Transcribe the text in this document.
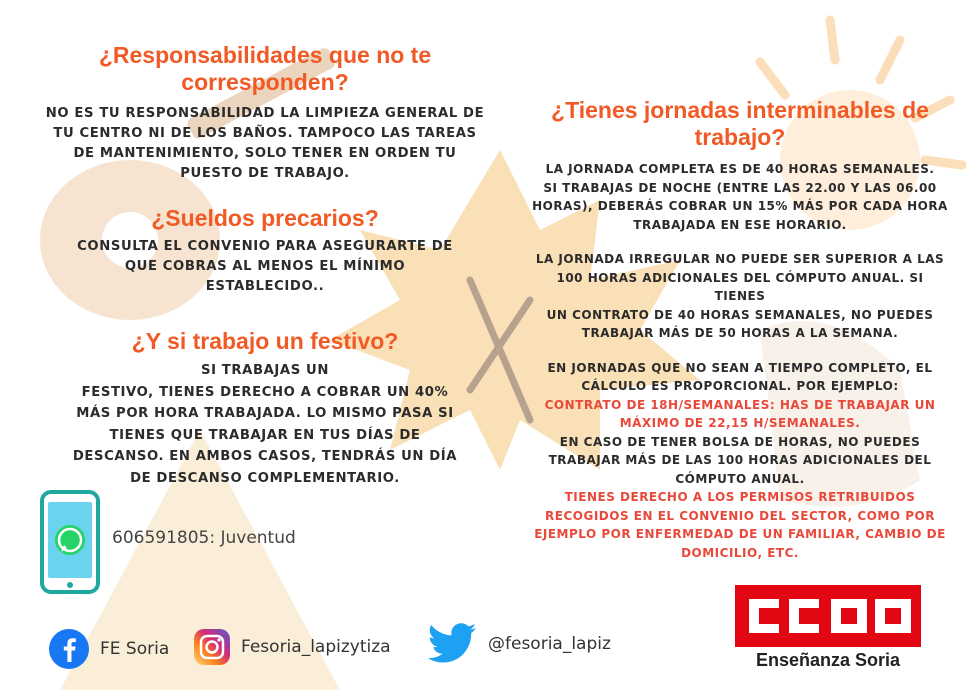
¿Responsabilidades que no te
corresponden?

NO ES TU RESPONSABILIDAD LA LIMPIEZA GENERAL DE
TU CENTRO NI DE LOS BAÑOS. TAMPOCO LAS TAREAS
DE MANTENIMIENTO, SOLO TENER EN ORDEN TU
PUESTO DE TRABAJO.

¿Sueldos precarios?

CONSULTA EL CONVENIO PARA ASEGURARTE DE
QUE COBRAS AL MENOS EL MÍNIMO
ESTABLECIDO..

¿Y si trabajo un festivo?

SI TRABAJAS UN
FESTIVO, TIENES DERECHO A COBRAR UN 40%
MÁS POR HORA TRABAJADA. LO MISMO PASA SI
TIENES QUE TRABAJAR EN TUS DÍAS DE
DESCANSO. EN AMBOS CASOS, TENDRÁS UN DÍA
DE DESCANSO COMPLEMENTARIO.

¿Tienes jornadas interminables de
trabajo?

LA JORNADA COMPLETA ES DE 40 HORAS SEMANALES.
SI TRABAJAS DE NOCHE (ENTRE LAS 22.00 Y LAS 06.00
HORAS), DEBERÁS COBRAR UN 15% MÁS POR CADA HORA
TRABAJADA EN ESE HORARIO.
LA JORNADA IRREGULAR NO PUEDE SER SUPERIOR A LAS
100 HORAS ADICIONALES DEL CÓMPUTO ANUAL. SI
TIENES
UN CONTRATO DE 40 HORAS SEMANALES, NO PUEDES
TRABAJAR MÁS DE 50 HORAS A LA SEMANA.
EN JORNADAS QUE NO SEAN A TIEMPO COMPLETO, EL
CÁLCULO ES PROPORCIONAL. POR EJEMPLO:
CONTRATO DE 18H/SEMANALES: HAS DE TRABAJAR UN
MÁXIMO DE 22,15 H/SEMANALES.
EN CASO DE TENER BOLSA DE HORAS, NO PUEDES
TRABAJAR MÁS DE LAS 100 HORAS ADICIONALES DEL
CÓMPUTO ANUAL.
TIENES DERECHO A LOS PERMISOS RETRIBUIDOS
RECOGIDOS EN EL CONVENIO DEL SECTOR, COMO POR
EJEMPLO POR ENFERMEDAD DE UN FAMILIAR, CAMBIO DE
DOMICILIO, ETC.
606591805: Juventud
FE Soria	Fesoria_lapizytiza	@fesoria_lapiz
Enseñanza Soria
